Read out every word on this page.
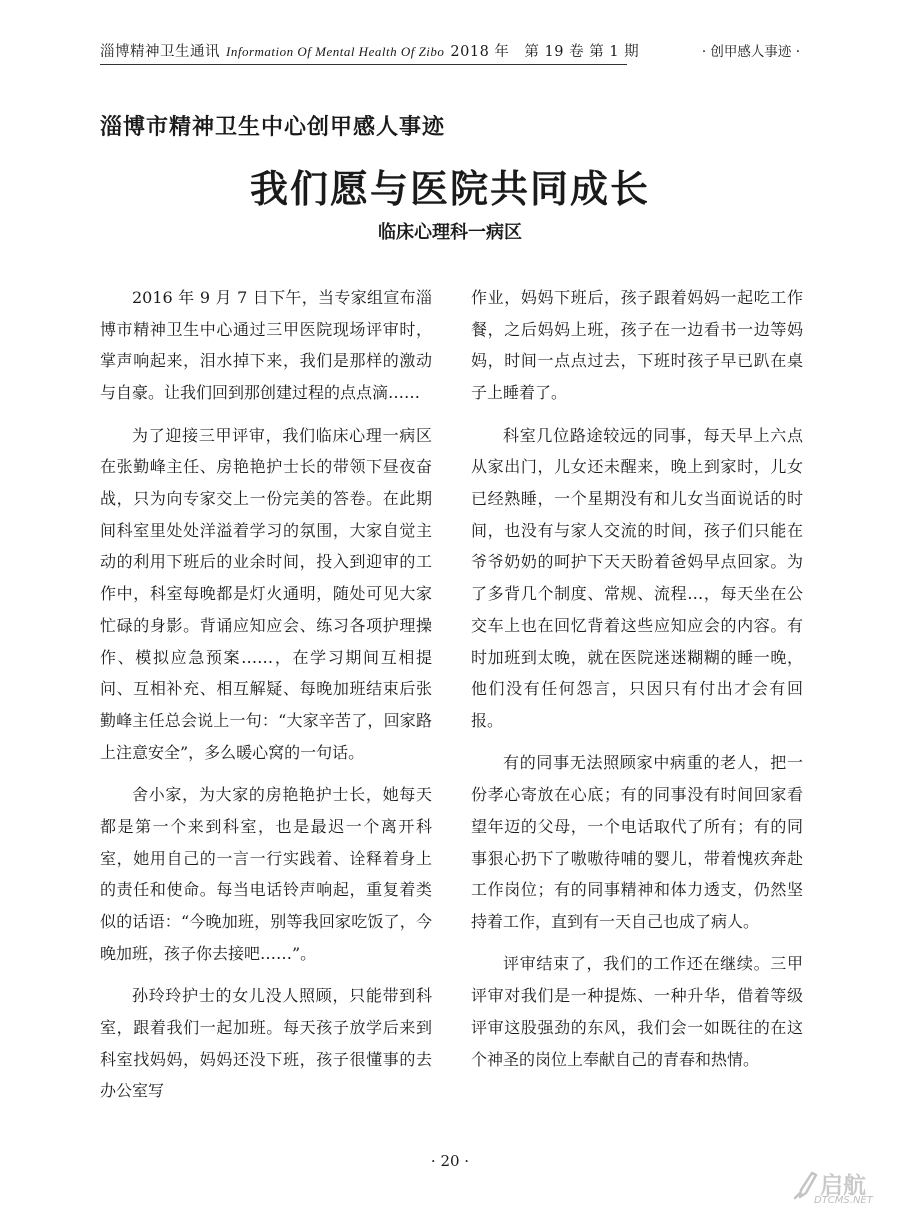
淄博精神卫生通讯 Information Of Mental Health Of Zibo 2018 年　第 19 卷 第 1 期	· 创甲感人事迹 ·
淄博市精神卫生中心创甲感人事迹
我们愿与医院共同成长
临床心理科一病区

2016 年 9 月 7 日下午，当专家组宣布淄博市精神卫生中心通过三甲医院现场评审时，掌声响起来，泪水掉下来，我们是那样的激动与自豪。让我们回到那创建过程的点点滴……

为了迎接三甲评审，我们临床心理一病区在张勤峰主任、房艳艳护士长的带领下昼夜奋战，只为向专家交上一份完美的答卷。在此期间科室里处处洋溢着学习的氛围，大家自觉主动的利用下班后的业余时间，投入到迎审的工作中，科室每晚都是灯火通明，随处可见大家忙碌的身影。背诵应知应会、练习各项护理操作、模拟应急预案……，在学习期间互相提问、互相补充、相互解疑、每晚加班结束后张勤峰主任总会说上一句：“大家辛苦了，回家路上注意安全”，多么暖心窝的一句话。

舍小家，为大家的房艳艳护士长，她每天都是第一个来到科室，也是最迟一个离开科室，她用自己的一言一行实践着、诠释着身上的责任和使命。每当电话铃声响起，重复着类似的话语：“今晚加班，别等我回家吃饭了，今晚加班，孩子你去接吧……”。

孙玲玲护士的女儿没人照顾，只能带到科室，跟着我们一起加班。每天孩子放学后来到科室找妈妈，妈妈还没下班，孩子很懂事的去办公室写

作业，妈妈下班后，孩子跟着妈妈一起吃工作餐，之后妈妈上班，孩子在一边看书一边等妈妈，时间一点点过去，下班时孩子早已趴在桌子上睡着了。

科室几位路途较远的同事，每天早上六点从家出门，儿女还未醒来，晚上到家时，儿女已经熟睡，一个星期没有和儿女当面说话的时间，也没有与家人交流的时间，孩子们只能在爷爷奶奶的呵护下天天盼着爸妈早点回家。为了多背几个制度、常规、流程…，每天坐在公交车上也在回忆背着这些应知应会的内容。有时加班到太晚，就在医院迷迷糊糊的睡一晚，他们没有任何怨言，只因只有付出才会有回报。

有的同事无法照顾家中病重的老人，把一份孝心寄放在心底；有的同事没有时间回家看望年迈的父母，一个电话取代了所有；有的同事狠心扔下了嗷嗷待哺的婴儿，带着愧疚奔赴工作岗位；有的同事精神和体力透支，仍然坚持着工作，直到有一天自己也成了病人。

评审结束了，我们的工作还在继续。三甲评审对我们是一种提炼、一种升华，借着等级评审这股强劲的东风，我们会一如既往的在这个神圣的岗位上奉献自己的青春和热情。

· 20 ·
启航
DTCMS.NET
